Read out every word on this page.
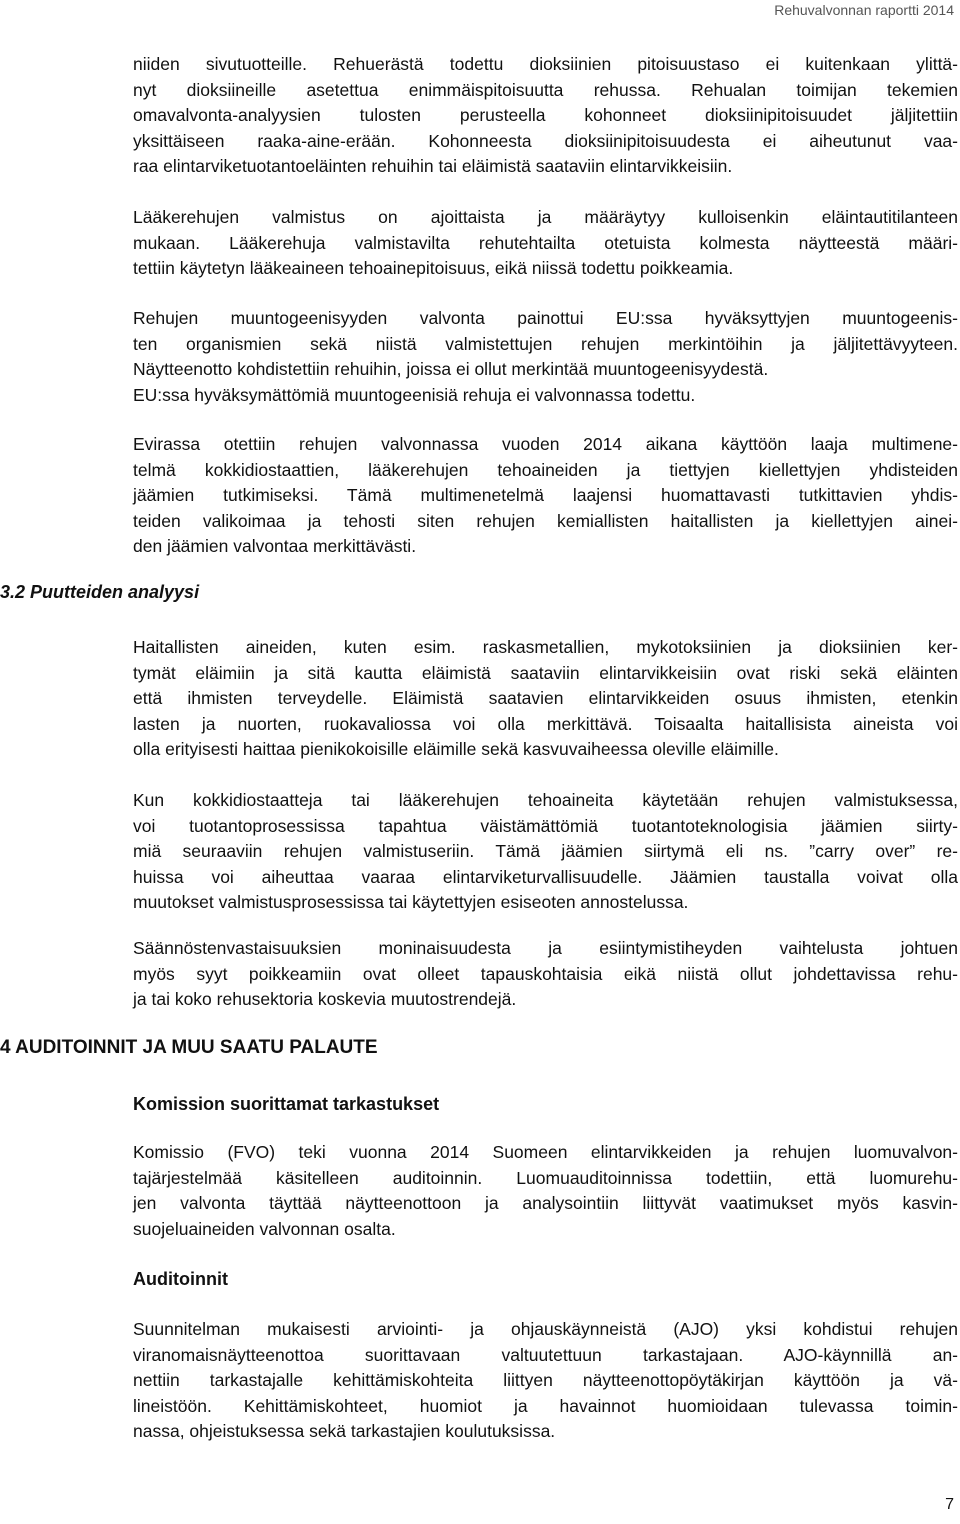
Rehuvalvonnan raportti 2014
niiden sivutuotteille. Rehuerästä todettu dioksiinien pitoisuustaso ei kuitenkaan ylittä-
nyt dioksiineille asetettua enimmäispitoisuutta rehussa. Rehualan toimijan tekemien
omavalvonta-analyysien tulosten perusteella kohonneet dioksiinipitoisuudet jäljitettiin
yksittäiseen raaka-aine-erään. Kohonneesta dioksiinipitoisuudesta ei aiheutunut vaa-
raa elintarviketuotantoeläinten rehuihin tai eläimistä saataviin elintarvikkeisiin.
Lääkerehujen valmistus on ajoittaista ja määräytyy kulloisenkin eläintautitilanteen
mukaan. Lääkerehuja valmistavilta rehutehtailta otetuista kolmesta näytteestä määri-
tettiin käytetyn lääkeaineen tehoainepitoisuus, eikä niissä todettu poikkeamia.
Rehujen muuntogeenisyyden valvonta painottui EU:ssa hyväksyttyjen muuntogeenis-
ten organismien sekä niistä valmistettujen rehujen merkintöihin ja jäljitettävyyteen.
Näytteenotto kohdistettiin rehuihin, joissa ei ollut merkintää muuntogeenisyydestä.
EU:ssa hyväksymättömiä muuntogeenisiä rehuja ei valvonnassa todettu.
Evirassa otettiin rehujen valvonnassa vuoden 2014 aikana käyttöön laaja multimene-
telmä kokkidiostaattien, lääkerehujen tehoaineiden ja tiettyjen kiellettyjen yhdisteiden
jäämien tutkimiseksi. Tämä multimenetelmä laajensi huomattavasti tutkittavien yhdis-
teiden valikoimaa ja tehosti siten rehujen kemiallisten haitallisten ja kiellettyjen ainei-
den jäämien valvontaa merkittävästi.
3.2 Puutteiden analyysi
Haitallisten aineiden, kuten esim. raskasmetallien, mykotoksiinien ja dioksiinien ker-
tymät eläimiin ja sitä kautta eläimistä saataviin elintarvikkeisiin ovat riski sekä eläinten
että ihmisten terveydelle. Eläimistä saatavien elintarvikkeiden osuus ihmisten, etenkin
lasten ja nuorten, ruokavaliossa voi olla merkittävä. Toisaalta haitallisista aineista voi
olla erityisesti haittaa pienikokoisille eläimille sekä kasvuvaiheessa oleville eläimille.
Kun kokkidiostaatteja tai lääkerehujen tehoaineita käytetään rehujen valmistuksessa,
voi tuotantoprosessissa tapahtua väistämättömiä tuotantoteknologisia jäämien siirty-
miä seuraaviin rehujen valmistuseriin. Tämä jäämien siirtymä eli ns. ”carry over” re-
huissa voi aiheuttaa vaaraa elintarviketurvallisuudelle. Jäämien taustalla voivat olla
muutokset valmistusprosessissa tai käytettyjen esiseoten annostelussa.
Säännöstenvastaisuuksien moninaisuudesta ja esiintymistiheyden vaihtelusta johtuen
myös syyt poikkeamiin ovat olleet tapauskohtaisia eikä niistä ollut johdettavissa rehu-
ja tai koko rehusektoria koskevia muutostrendejä.
4 AUDITOINNIT JA MUU SAATU PALAUTE
Komission suorittamat tarkastukset
Komissio (FVO) teki vuonna 2014 Suomeen elintarvikkeiden ja rehujen luomuvalvon-
tajärjestelmää käsitelleen auditoinnin. Luomuauditoinnissa todettiin, että luomurehu-
jen valvonta täyttää näytteenottoon ja analysointiin liittyvät vaatimukset myös kasvin-
suojeluaineiden valvonnan osalta.
Auditoinnit
Suunnitelman mukaisesti arviointi- ja ohjauskäynneistä (AJO) yksi kohdistui rehujen
viranomaisnäytteenottoa suorittavaan valtuutettuun tarkastajaan. AJO-käynnillä an-
nettiin tarkastajalle kehittämiskohteita liittyen näytteenottopöytäkirjan käyttöön ja vä-
lineistöön. Kehittämiskohteet, huomiot ja havainnot huomioidaan tulevassa toimin-
nassa, ohjeistuksessa sekä tarkastajien koulutuksissa.
7
